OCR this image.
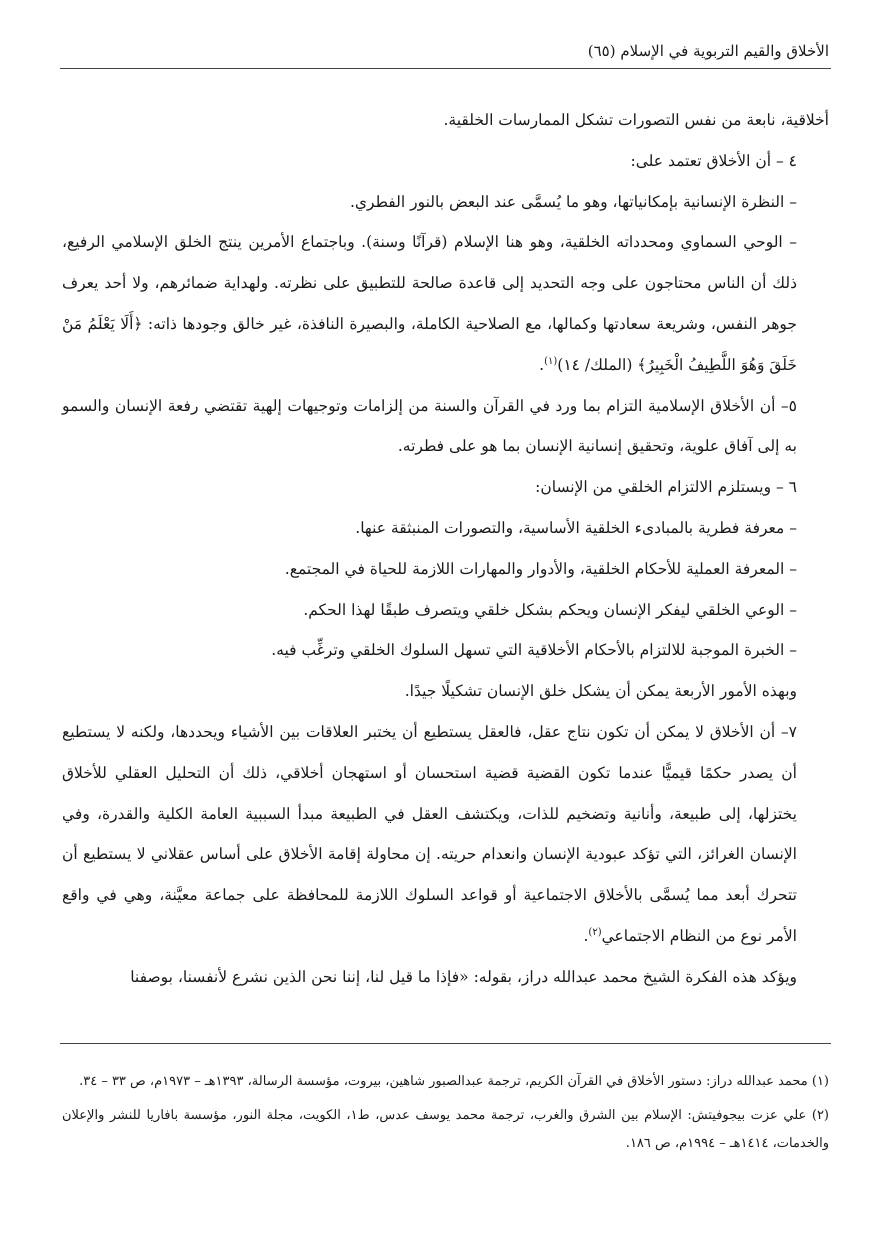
الأخلاق والقيم التربوية في الإسلام (٦٥)

أخلاقية، نابعة من نفس التصورات تشكل الممارسات الخلقية.

٤ – أن الأخلاق تعتمد على:

– النظرة الإنسانية بإمكانياتها، وهو ما يُسمَّى عند البعض بالنور الفطري.

– الوحي السماوي ومحدداته الخلقية، وهو هنا الإسلام (قرآنًا وسنة). وباجتماع الأمرين ينتج الخلق الإسلامي الرفيع، ذلك أن الناس محتاجون على وجه التحديد إلى قاعدة صالحة للتطبيق على نظرته. ولهداية ضمائرهم، ولا أحد يعرف جوهر النفس، وشريعة سعادتها وكمالها، مع الصلاحية الكاملة، والبصيرة النافذة، غير خالق وجودها ذاته: ﴿أَلَا يَعْلَمُ مَنْ خَلَقَ وَهُوَ اللَّطِيفُ الْخَبِيرُ﴾ (الملك/ ١٤)$^{(١)}$.

٥– أن الأخلاق الإسلامية التزام بما ورد في القرآن والسنة من إلزامات وتوجيهات إلهية تقتضي رفعة الإنسان والسمو به إلى آفاق علوية، وتحقيق إنسانية الإنسان بما هو على فطرته.

٦ – ويستلزم الالتزام الخلقي من الإنسان:

– معرفة فطرية بالمبادىء الخلقية الأساسية، والتصورات المنبثقة عنها.

– المعرفة العملية للأحكام الخلقية، والأدوار والمهارات اللازمة للحياة في المجتمع.

– الوعي الخلقي ليفكر الإنسان ويحكم بشكل خلقي ويتصرف طبقًا لهذا الحكم.

– الخبرة الموجبة للالتزام بالأحكام الأخلاقية التي تسهل السلوك الخلقي وترغِّب فيه.

وبهذه الأمور الأربعة يمكن أن يشكل خلق الإنسان تشكيلًا جيدًا.

٧– أن الأخلاق لا يمكن أن تكون نتاج عقل، فالعقل يستطيع أن يختبر العلاقات بين الأشياء ويحددها، ولكنه لا يستطيع أن يصدر حكمًا قيميًّا عندما تكون القضية قضية استحسان أو استهجان أخلاقي، ذلك أن التحليل العقلي للأخلاق يختزلها، إلى طبيعة، وأنانية وتضخيم للذات، ويكتشف العقل في الطبيعة مبدأ السببية العامة الكلية والقدرة، وفي الإنسان الغرائز، التي تؤكد عبودية الإنسان وانعدام حريته. إن محاولة إقامة الأخلاق على أساس عقلاني لا يستطيع أن تتحرك أبعد مما يُسمَّى بالأخلاق الاجتماعية أو قواعد السلوك اللازمة للمحافظة على جماعة معيَّنة، وهي في واقع الأمر نوع من النظام الاجتماعي$^{(٢)}$.

ويؤكد هذه الفكرة الشيخ محمد عبدالله دراز، بقوله: «فإذا ما قيل لنا، إننا نحن الذين نشرع لأنفسنا، بوصفنا

(١) محمد عبدالله دراز: دستور الأخلاق في القرآن الكريم، ترجمة عبدالصبور شاهين، بيروت، مؤسسة الرسالة، ١٣٩٣هـ – ١٩٧٣م، ص ٣٣ – ٣٤.

(٢) علي عزت بيجوفيتش: الإسلام بين الشرق والغرب، ترجمة محمد يوسف عدس، ط١، الكويت، مجلة النور، مؤسسة بافاريا للنشر والإعلان والخدمات، ١٤١٤هـ – ١٩٩٤م، ص ١٨٦.
